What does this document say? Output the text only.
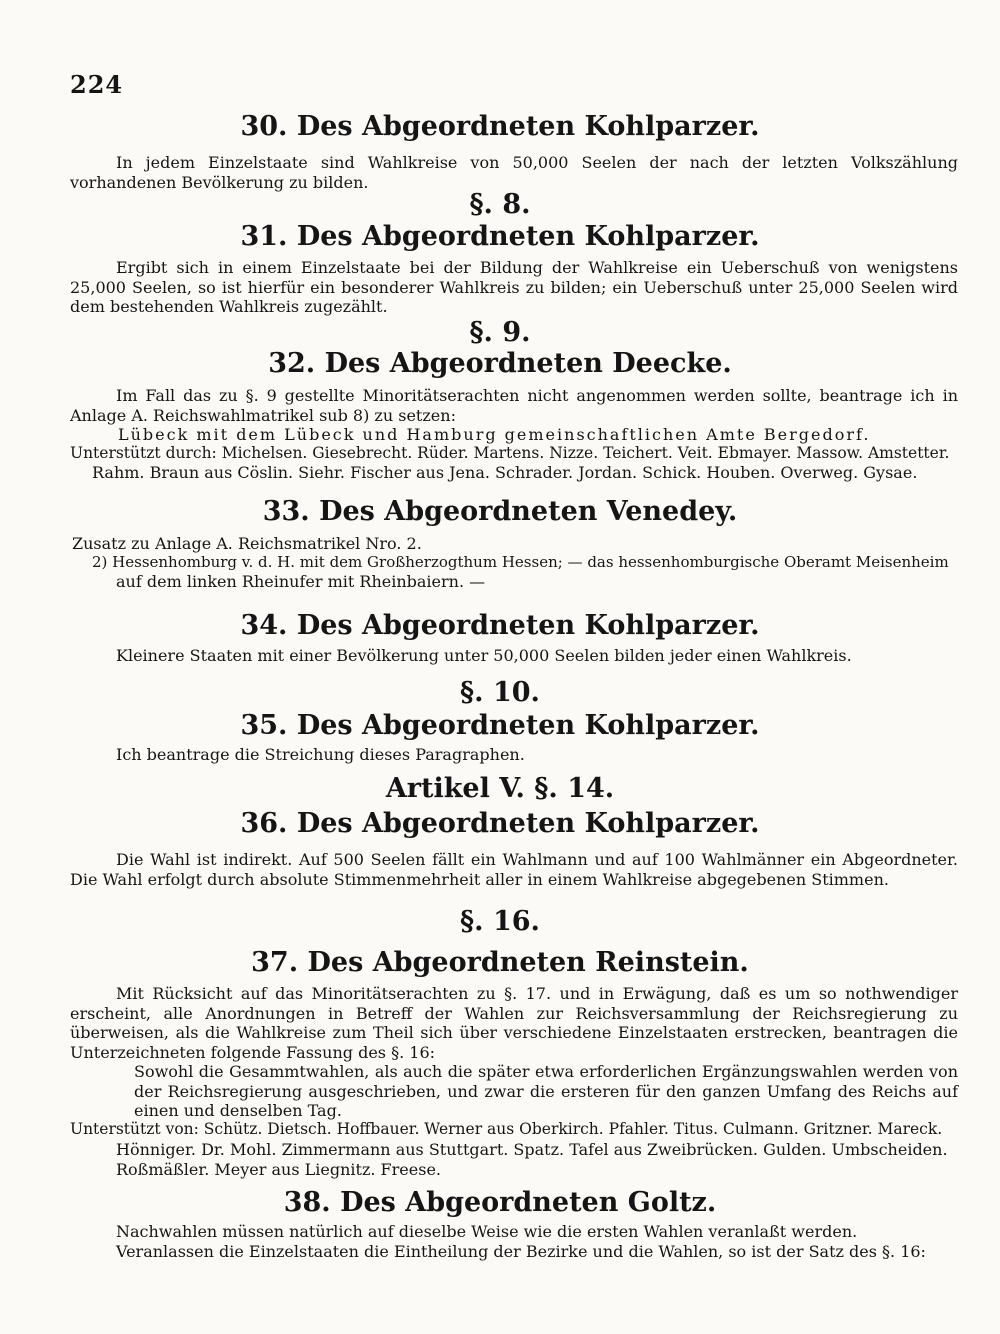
224
30. Des Abgeordneten Kohlparzer.
In jedem Einzelstaate sind Wahlkreise von 50,000 Seelen der nach der letzten Volkszählung vorhandenen Bevölkerung zu bilden.
§. 8.
31. Des Abgeordneten Kohlparzer.
Ergibt sich in einem Einzelstaate bei der Bildung der Wahlkreise ein Ueberschuß von wenigstens 25,000 Seelen, so ist hierfür ein besonderer Wahlkreis zu bilden; ein Ueberschuß unter 25,000 Seelen wird dem bestehenden Wahlkreis zugezählt.
§. 9.
32. Des Abgeordneten Deecke.
Im Fall das zu §. 9 gestellte Minoritätserachten nicht angenommen werden sollte, beantrage ich in Anlage A. Reichswahlmatrikel sub 8) zu setzen:
Lübeck mit dem Lübeck und Hamburg gemeinschaftlichen Amte Bergedorf.
Unterstützt durch: Michelsen. Giesebrecht. Rüder. Martens. Nizze. Teichert. Veit. Ebmayer. Massow. Amstetter.
Rahm. Braun aus Cöslin. Siehr. Fischer aus Jena. Schrader. Jordan. Schick. Houben. Overweg. Gysae.
33. Des Abgeordneten Venedey.
Zusatz zu Anlage A. Reichsmatrikel Nro. 2.
2) Hessenhomburg v. d. H. mit dem Großherzogthum Hessen; — das hessenhomburgische Oberamt Meisenheim
auf dem linken Rheinufer mit Rheinbaiern. —
34. Des Abgeordneten Kohlparzer.
Kleinere Staaten mit einer Bevölkerung unter 50,000 Seelen bilden jeder einen Wahlkreis.
§. 10.
35. Des Abgeordneten Kohlparzer.
Ich beantrage die Streichung dieses Paragraphen.
Artikel V. §. 14.
36. Des Abgeordneten Kohlparzer.
Die Wahl ist indirekt. Auf 500 Seelen fällt ein Wahlmann und auf 100 Wahlmänner ein Abgeordneter. Die Wahl erfolgt durch absolute Stimmenmehrheit aller in einem Wahlkreise abgegebenen Stimmen.
§. 16.
37. Des Abgeordneten Reinstein.
Mit Rücksicht auf das Minoritätserachten zu §. 17. und in Erwägung, daß es um so nothwendiger erscheint, alle Anordnungen in Betreff der Wahlen zur Reichsversammlung der Reichsregierung zu überweisen, als die Wahlkreise zum Theil sich über verschiedene Einzelstaaten erstrecken, beantragen die Unterzeichneten folgende Fassung des §. 16:
Sowohl die Gesammtwahlen, als auch die später etwa erforderlichen Ergänzungswahlen werden von der Reichsregierung ausgeschrieben, und zwar die ersteren für den ganzen Umfang des Reichs auf einen und denselben Tag.
Unterstützt von: Schütz. Dietsch. Hoffbauer. Werner aus Oberkirch. Pfahler. Titus. Culmann. Gritzner. Mareck.
Hönniger. Dr. Mohl. Zimmermann aus Stuttgart. Spatz. Tafel aus Zweibrücken. Gulden. Umbscheiden.
Roßmäßler. Meyer aus Liegnitz. Freese.
38. Des Abgeordneten Goltz.
Nachwahlen müssen natürlich auf dieselbe Weise wie die ersten Wahlen veranlaßt werden.
Veranlassen die Einzelstaaten die Eintheilung der Bezirke und die Wahlen, so ist der Satz des §. 16:
